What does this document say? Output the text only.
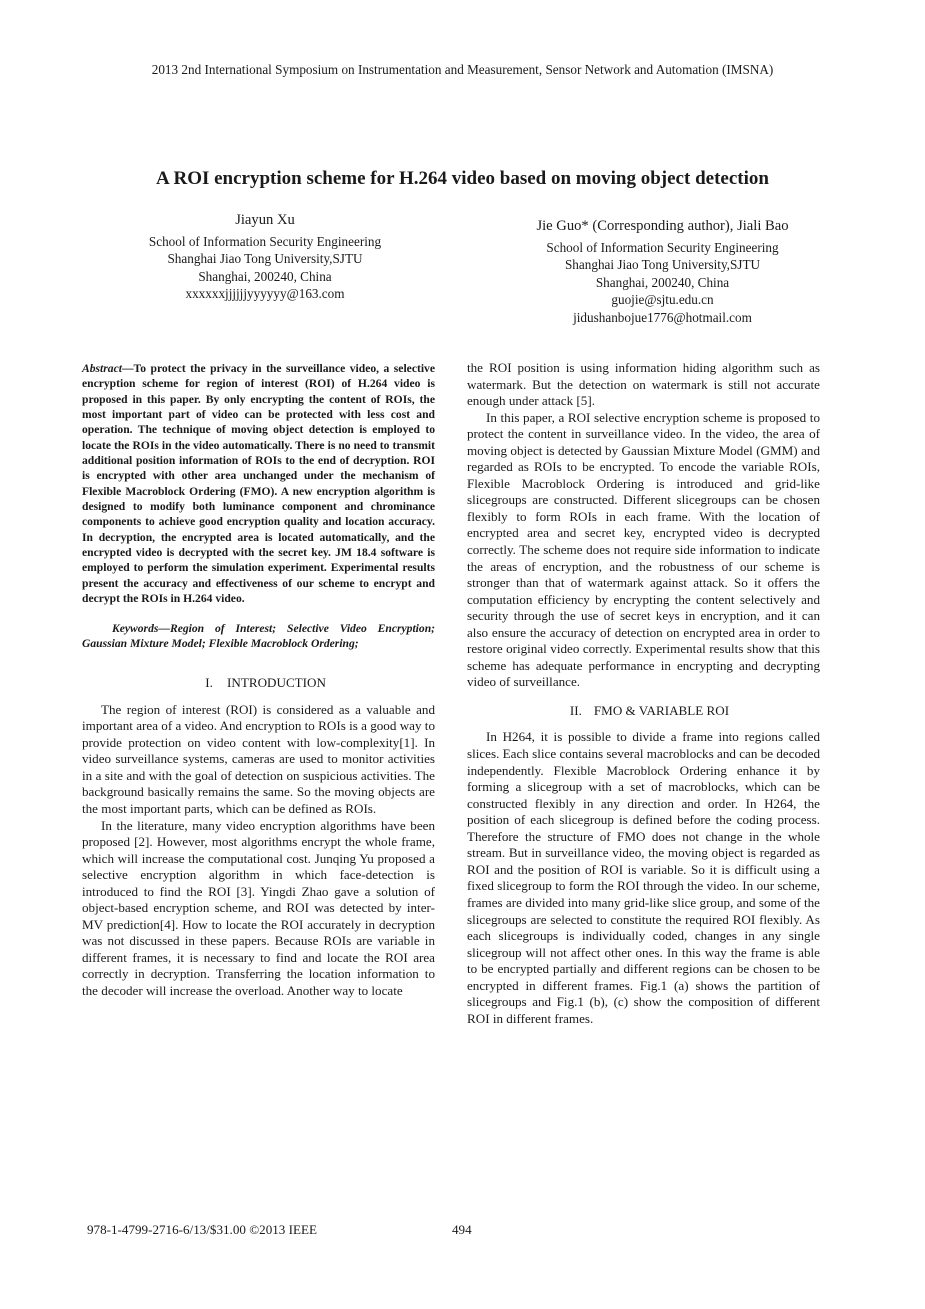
2013 2nd International Symposium on Instrumentation and Measurement, Sensor Network and Automation (IMSNA)
A ROI encryption scheme for H.264 video based on moving object detection
Jiayun Xu
School of Information Security Engineering
Shanghai Jiao Tong University,SJTU
Shanghai, 200240, China
xxxxxxjjjjjjyyyyyy@163.com
Jie Guo* (Corresponding author), Jiali Bao
School of Information Security Engineering
Shanghai Jiao Tong University,SJTU
Shanghai, 200240, China
guojie@sjtu.edu.cn
jidushanbojue1776@hotmail.com

Abstract—To protect the privacy in the surveillance video, a selective encryption scheme for region of interest (ROI) of H.264 video is proposed in this paper. By only encrypting the content of ROIs, the most important part of video can be protected with less cost and operation. The technique of moving object detection is employed to locate the ROIs in the video automatically. There is no need to transmit additional position information of ROIs to the end of decryption. ROI is encrypted with other area unchanged under the mechanism of Flexible Macroblock Ordering (FMO). A new encryption algorithm is designed to modify both luminance component and chrominance components to achieve good encryption quality and location accuracy. In decryption, the encrypted area is located automatically, and the encrypted video is decrypted with the secret key. JM 18.4 software is employed to perform the simulation experiment. Experimental results present the accuracy and effectiveness of our scheme to encrypt and decrypt the ROIs in H.264 video.

Keywords—Region of Interest; Selective Video Encryption; Gaussian Mixture Model; Flexible Macroblock Ordering;

I. INTRODUCTION

The region of interest (ROI) is considered as a valuable and important area of a video. And encryption to ROIs is a good way to provide protection on video content with low-complexity[1]. In video surveillance systems, cameras are used to monitor activities in a site and with the goal of detection on suspicious activities. The background basically remains the same. So the moving objects are the most important parts, which can be defined as ROIs.

In the literature, many video encryption algorithms have been proposed [2]. However, most algorithms encrypt the whole frame, which will increase the computational cost. Junqing Yu proposed a selective encryption algorithm in which face-detection is introduced to find the ROI [3]. Yingdi Zhao gave a solution of object-based encryption scheme, and ROI was detected by inter-MV prediction[4]. How to locate the ROI accurately in decryption was not discussed in these papers. Because ROIs are variable in different frames, it is necessary to find and locate the ROI area correctly in decryption. Transferring the location information to the decoder will increase the overload. Another way to locate

the ROI position is using information hiding algorithm such as watermark. But the detection on watermark is still not accurate enough under attack [5].

In this paper, a ROI selective encryption scheme is proposed to protect the content in surveillance video. In the video, the area of moving object is detected by Gaussian Mixture Model (GMM) and regarded as ROIs to be encrypted. To encode the variable ROIs, Flexible Macroblock Ordering is introduced and grid-like slicegroups are constructed. Different slicegroups can be chosen flexibly to form ROIs in each frame. With the location of encrypted area and secret key, encrypted video is decrypted correctly. The scheme does not require side information to indicate the areas of encryption, and the robustness of our scheme is stronger than that of watermark against attack. So it offers the computation efficiency by encrypting the content selectively and security through the use of secret keys in encryption, and it can also ensure the accuracy of detection on encrypted area in order to restore original video correctly. Experimental results show that this scheme has adequate performance in encrypting and decrypting video of surveillance.

II. FMO & VARIABLE ROI

In H264, it is possible to divide a frame into regions called slices. Each slice contains several macroblocks and can be decoded independently. Flexible Macroblock Ordering enhance it by forming a slicegroup with a set of macroblocks, which can be constructed flexibly in any direction and order. In H264, the position of each slicegroup is defined before the coding process. Therefore the structure of FMO does not change in the whole stream. But in surveillance video, the moving object is regarded as ROI and the position of ROI is variable. So it is difficult using a fixed slicegroup to form the ROI through the video. In our scheme, frames are divided into many grid-like slice group, and some of the slicegroups are selected to constitute the required ROI flexibly. As each slicegroups is individually coded, changes in any single slicegroup will not affect other ones. In this way the frame is able to be encrypted partially and different regions can be chosen to be encrypted in different frames. Fig.1 (a) shows the partition of slicegroups and Fig.1 (b), (c) show the composition of different ROI in different frames.

978-1-4799-2716-6/13/$31.00 ©2013 IEEE	494
